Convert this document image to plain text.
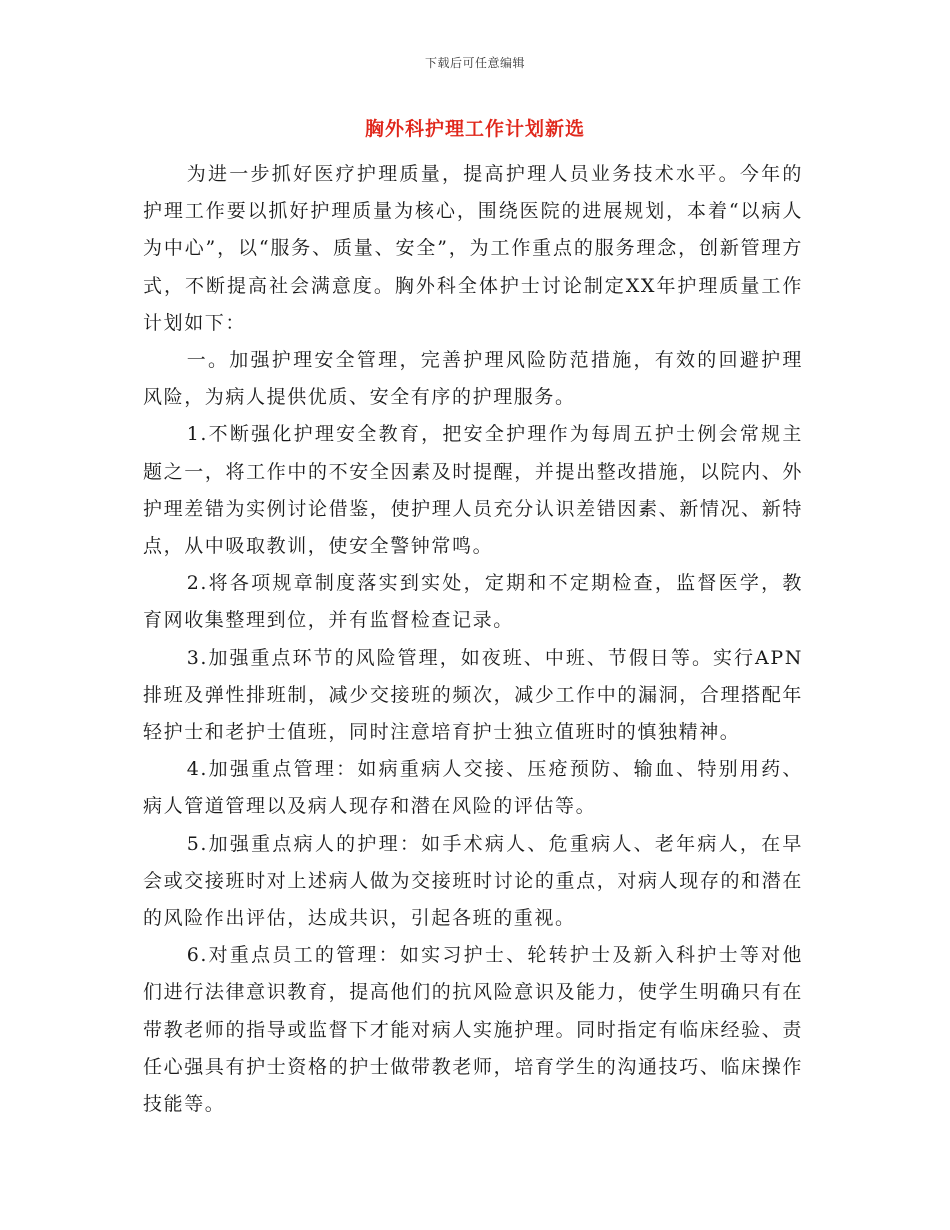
下载后可任意编辑
胸外科护理工作计划新选

为进一步抓好医疗护理质量，提高护理人员业务技术水平。今年的护理工作要以抓好护理质量为核心，围绕医院的进展规划，本着“以病人为中心”，以“服务、质量、安全”，为工作重点的服务理念，创新管理方式，不断提高社会满意度。胸外科全体护士讨论制定XX年护理质量工作计划如下：

一。加强护理安全管理，完善护理风险防范措施，有效的回避护理风险，为病人提供优质、安全有序的护理服务。

1.不断强化护理安全教育，把安全护理作为每周五护士例会常规主题之一，将工作中的不安全因素及时提醒，并提出整改措施，以院内、外护理差错为实例讨论借鉴，使护理人员充分认识差错因素、新情况、新特点，从中吸取教训，使安全警钟常鸣。

2.将各项规章制度落实到实处，定期和不定期检查，监督医学，教育网收集整理到位，并有监督检查记录。

3.加强重点环节的风险管理，如夜班、中班、节假日等。实行APN排班及弹性排班制，减少交接班的频次，减少工作中的漏洞，合理搭配年轻护士和老护士值班，同时注意培育护士独立值班时的慎独精神。

4.加强重点管理：如病重病人交接、压疮预防、输血、特别用药、病人管道管理以及病人现存和潜在风险的评估等。

5.加强重点病人的护理：如手术病人、危重病人、老年病人，在早会或交接班时对上述病人做为交接班时讨论的重点，对病人现存的和潜在的风险作出评估，达成共识，引起各班的重视。

6.对重点员工的管理：如实习护士、轮转护士及新入科护士等对他们进行法律意识教育，提高他们的抗风险意识及能力，使学生明确只有在带教老师的指导或监督下才能对病人实施护理。同时指定有临床经验、责任心强具有护士资格的护士做带教老师，培育学生的沟通技巧、临床操作技能等。
